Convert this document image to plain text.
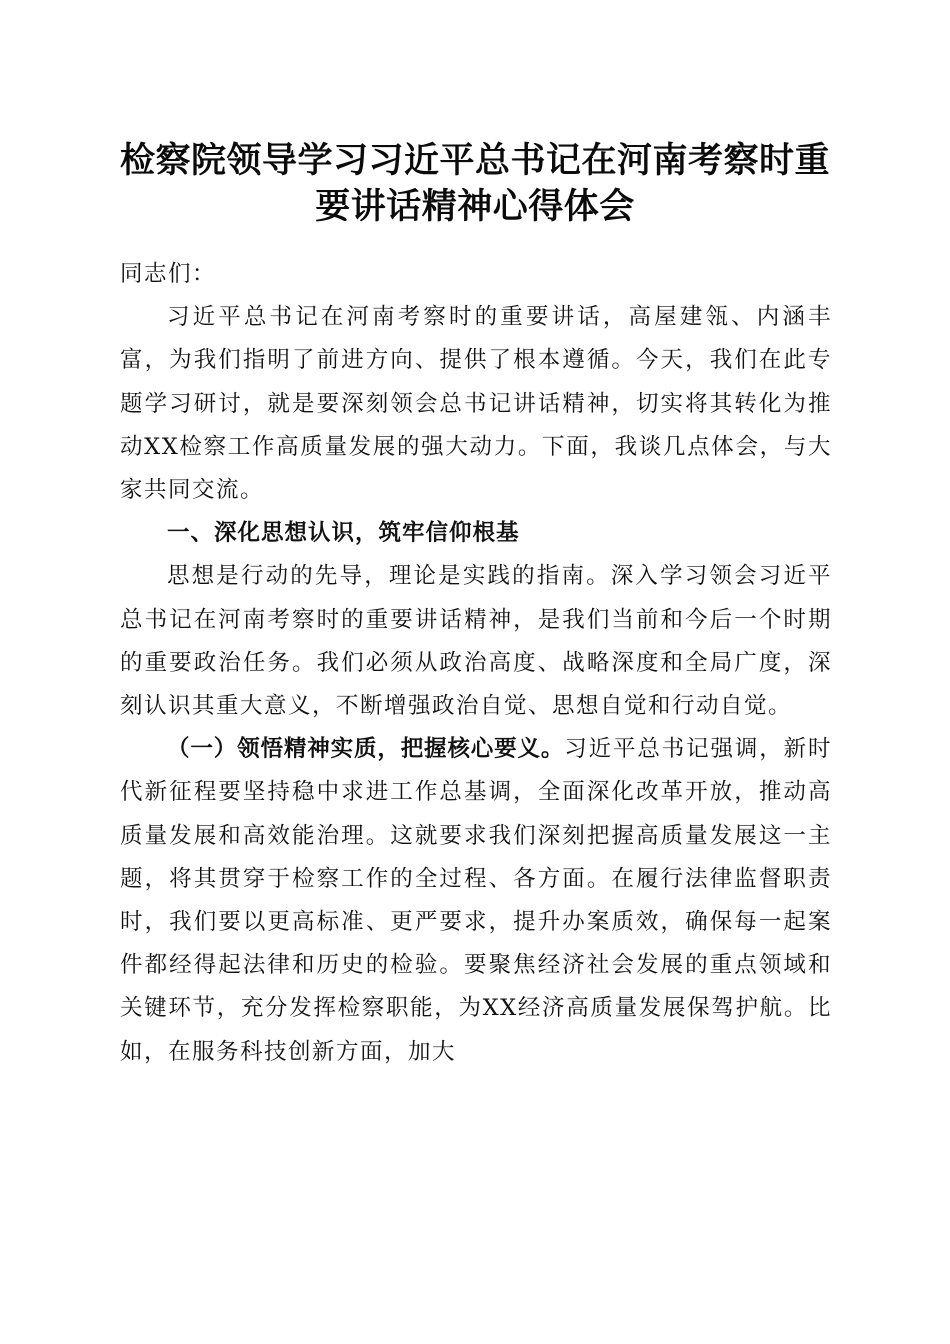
检察院领导学习习近平总书记在河南考察时重
要讲话精神心得体会

同志们：

习近平总书记在河南考察时的重要讲话，高屋建瓴、内涵丰富，为我们指明了前进方向、提供了根本遵循。今天，我们在此专题学习研讨，就是要深刻领会总书记讲话精神，切实将其转化为推动XX检察工作高质量发展的强大动力。下面，我谈几点体会，与大家共同交流。

一、深化思想认识，筑牢信仰根基

思想是行动的先导，理论是实践的指南。深入学习领会习近平总书记在河南考察时的重要讲话精神，是我们当前和今后一个时期的重要政治任务。我们必须从政治高度、战略深度和全局广度，深刻认识其重大意义，不断增强政治自觉、思想自觉和行动自觉。

（一）领悟精神实质，把握核心要义。习近平总书记强调，新时代新征程要坚持稳中求进工作总基调，全面深化改革开放，推动高质量发展和高效能治理。这就要求我们深刻把握高质量发展这一主题，将其贯穿于检察工作的全过程、各方面。在履行法律监督职责时，我们要以更高标准、更严要求，提升办案质效，确保每一起案件都经得起法律和历史的检验。要聚焦经济社会发展的重点领域和关键环节，充分发挥检察职能，为XX经济高质量发展保驾护航。比如，在服务科技创新方面，加大
